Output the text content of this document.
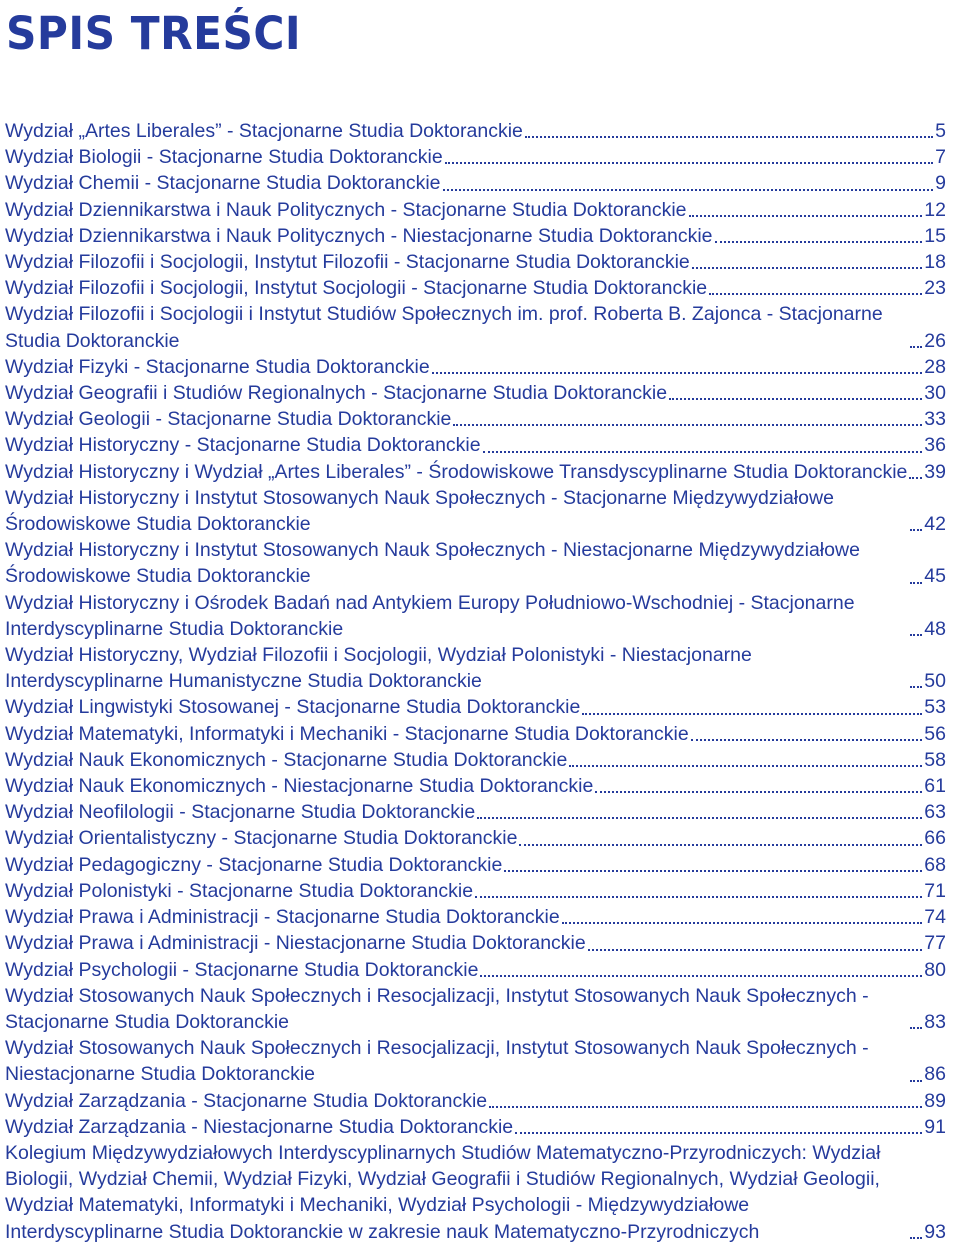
SPIS TREŚCI
Wydział „Artes Liberales” - Stacjonarne Studia Doktoranckie	5
Wydział Biologii - Stacjonarne Studia Doktoranckie	7
Wydział Chemii - Stacjonarne Studia Doktoranckie	9
Wydział Dziennikarstwa i Nauk Politycznych - Stacjonarne Studia Doktoranckie	12
Wydział Dziennikarstwa i Nauk Politycznych - Niestacjonarne Studia Doktoranckie	15
Wydział Filozofii i Socjologii, Instytut Filozofii - Stacjonarne Studia Doktoranckie	18
Wydział Filozofii i Socjologii, Instytut Socjologii - Stacjonarne Studia Doktoranckie	23
Wydział Filozofii i Socjologii i Instytut Studiów Społecznych im. prof. Roberta B. Zajonca - Stacjonarne Studia Doktoranckie	26
Wydział Fizyki - Stacjonarne Studia Doktoranckie	28
Wydział Geografii i Studiów Regionalnych - Stacjonarne Studia Doktoranckie	30
Wydział Geologii - Stacjonarne Studia Doktoranckie	33
Wydział Historyczny - Stacjonarne Studia Doktoranckie	36
Wydział Historyczny i Wydział „Artes Liberales” - Środowiskowe Transdyscyplinarne Studia Doktoranckie 39
Wydział Historyczny i Instytut Stosowanych Nauk Społecznych - Stacjonarne Międzywydziałowe Środowiskowe Studia Doktoranckie	42
Wydział Historyczny i Instytut Stosowanych Nauk Społecznych - Niestacjonarne Międzywydziałowe Środowiskowe Studia Doktoranckie	45
Wydział Historyczny i Ośrodek Badań nad Antykiem Europy Południowo-Wschodniej - Stacjonarne Interdyscyplinarne Studia Doktoranckie	48
Wydział Historyczny, Wydział Filozofii i Socjologii, Wydział Polonistyki - Niestacjonarne Interdyscyplinarne Humanistyczne Studia Doktoranckie	50
Wydział Lingwistyki Stosowanej - Stacjonarne Studia Doktoranckie	53
Wydział Matematyki, Informatyki i Mechaniki - Stacjonarne Studia Doktoranckie	56
Wydział Nauk Ekonomicznych - Stacjonarne Studia Doktoranckie	58
Wydział Nauk Ekonomicznych - Niestacjonarne Studia Doktoranckie	61
Wydział Neofilologii - Stacjonarne Studia Doktoranckie	63
Wydział Orientalistyczny - Stacjonarne Studia Doktoranckie	66
Wydział Pedagogiczny - Stacjonarne Studia Doktoranckie	68
Wydział Polonistyki - Stacjonarne Studia Doktoranckie	71
Wydział Prawa i Administracji - Stacjonarne Studia Doktoranckie	74
Wydział Prawa i Administracji - Niestacjonarne Studia Doktoranckie	77
Wydział Psychologii - Stacjonarne Studia Doktoranckie	80
Wydział Stosowanych Nauk Społecznych i Resocjalizacji, Instytut Stosowanych Nauk Społecznych - Stacjonarne Studia Doktoranckie	83
Wydział Stosowanych Nauk Społecznych i Resocjalizacji, Instytut Stosowanych Nauk Społecznych - Niestacjonarne Studia Doktoranckie	86
Wydział Zarządzania - Stacjonarne Studia Doktoranckie	89
Wydział Zarządzania - Niestacjonarne Studia Doktoranckie	91
Kolegium Międzywydziałowych Interdyscyplinarnych Studiów Matematyczno-Przyrodniczych: Wydział Biologii, Wydział Chemii, Wydział Fizyki, Wydział Geografii i Studiów Regionalnych, Wydział Geologii, Wydział Matematyki, Informatyki i Mechaniki, Wydział Psychologii - Międzywydziałowe Interdyscyplinarne Studia Doktoranckie w zakresie nauk Matematyczno-Przyrodniczych	93
